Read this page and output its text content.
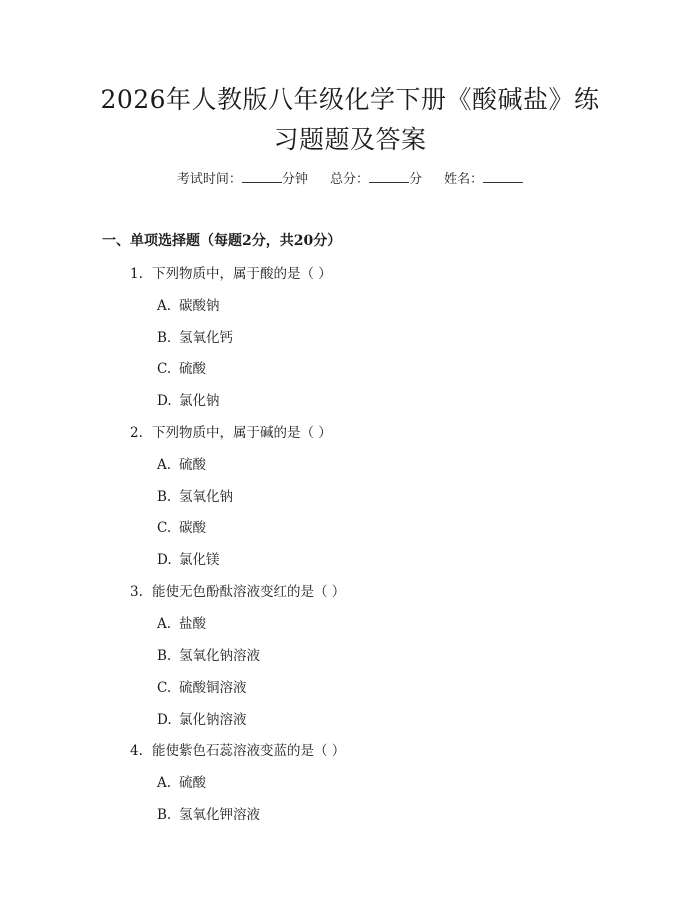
2026年人教版八年级化学下册《酸碱盐》练
习题题及答案
考试时间：	分钟 总分：	分 姓名：
一、单项选择题（每题2分，共20分）
1. 下列物质中，属于酸的是（ ）
A. 碳酸钠
B. 氢氧化钙
C. 硫酸
D. 氯化钠
2. 下列物质中，属于碱的是（ ）
A. 硫酸
B. 氢氧化钠
C. 碳酸
D. 氯化镁
3. 能使无色酚酞溶液变红的是（ ）
A. 盐酸
B. 氢氧化钠溶液
C. 硫酸铜溶液
D. 氯化钠溶液
4. 能使紫色石蕊溶液变蓝的是（ ）
A. 硫酸
B. 氢氧化钾溶液
